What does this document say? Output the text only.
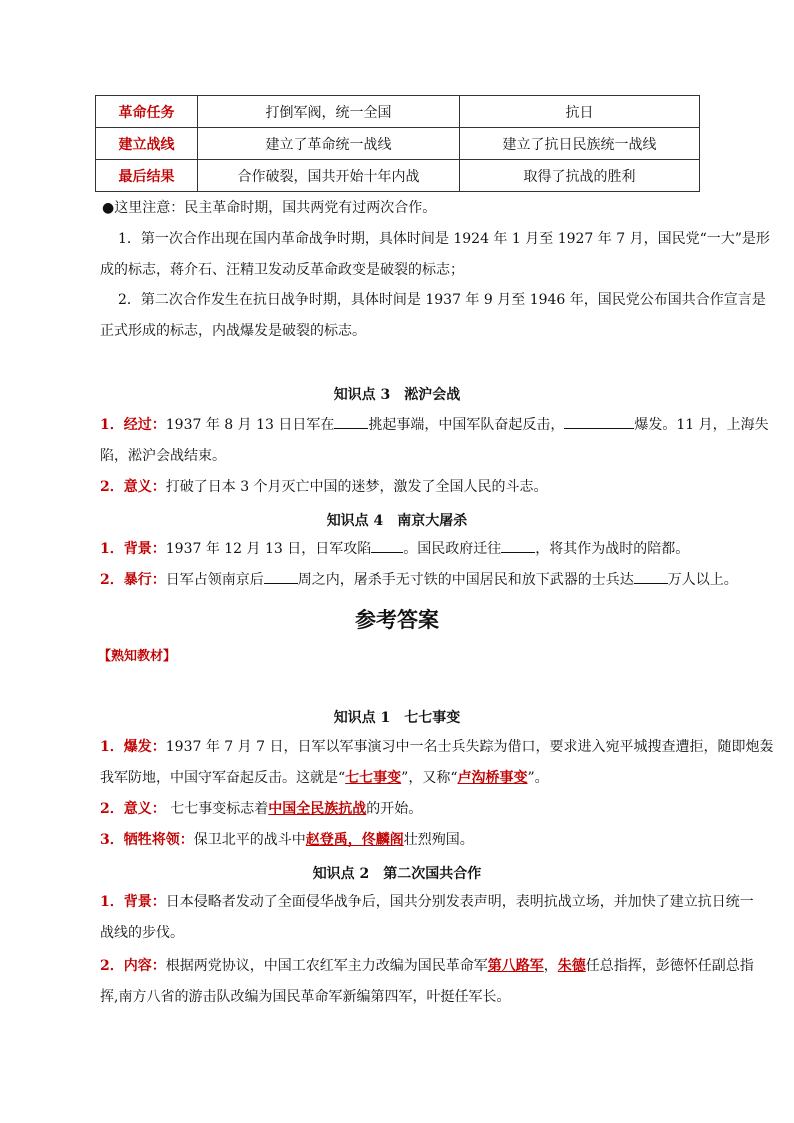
革命任务	打倒军阀，统一全国	抗日
建立战线	建立了革命统一战线	建立了抗日民族统一战线
最后结果	合作破裂，国共开始十年内战	取得了抗战的胜利
●这里注意：民主革命时期，国共两党有过两次合作。
1．第一次合作出现在国内革命战争时期，具体时间是 1924 年 1 月至 1927 年 7 月，国民党“一大”是形
成的标志，蒋介石、汪精卫发动反革命政变是破裂的标志；
2．第二次合作发生在抗日战争时期，具体时间是 1937 年 9 月至 1946 年，国民党公布国共合作宣言是
正式形成的标志，内战爆发是破裂的标志。
知识点 3　淞沪会战
1．经过：1937 年 8 月 13 日日军在 挑起事端，中国军队奋起反击，	爆发。11 月，上海失
陷，淞沪会战结束。
2．意义：打破了日本 3 个月灭亡中国的迷梦，激发了全国人民的斗志。
知识点 4　南京大屠杀
1．背景：1937 年 12 月 13 日，日军攻陷 。国民政府迁往 ，将其作为战时的陪都。
2．暴行：日军占领南京后 周之内，屠杀手无寸铁的中国居民和放下武器的士兵达 万人以上。
参考答案
【熟知教材】
知识点 1　七七事变
1．爆发：1937 年 7 月 7 日，日军以军事演习中一名士兵失踪为借口，要求进入宛平城搜查遭拒，随即炮轰
我军防地，中国守军奋起反击。这就是“七七事变”，又称“卢沟桥事变”。
2．意义： 七七事变标志着中国全民族抗战的开始。
3．牺牲将领：保卫北平的战斗中赵登禹，佟麟阁壮烈殉国。
知识点 2　第二次国共合作
1．背景：日本侵略者发动了全面侵华战争后，国共分别发表声明，表明抗战立场，并加快了建立抗日统一
战线的步伐。
2．内容：根据两党协议，中国工农红军主力改编为国民革命军第八路军，朱德任总指挥，彭德怀任副总指
挥,南方八省的游击队改编为国民革命军新编第四军，叶挺任军长。
